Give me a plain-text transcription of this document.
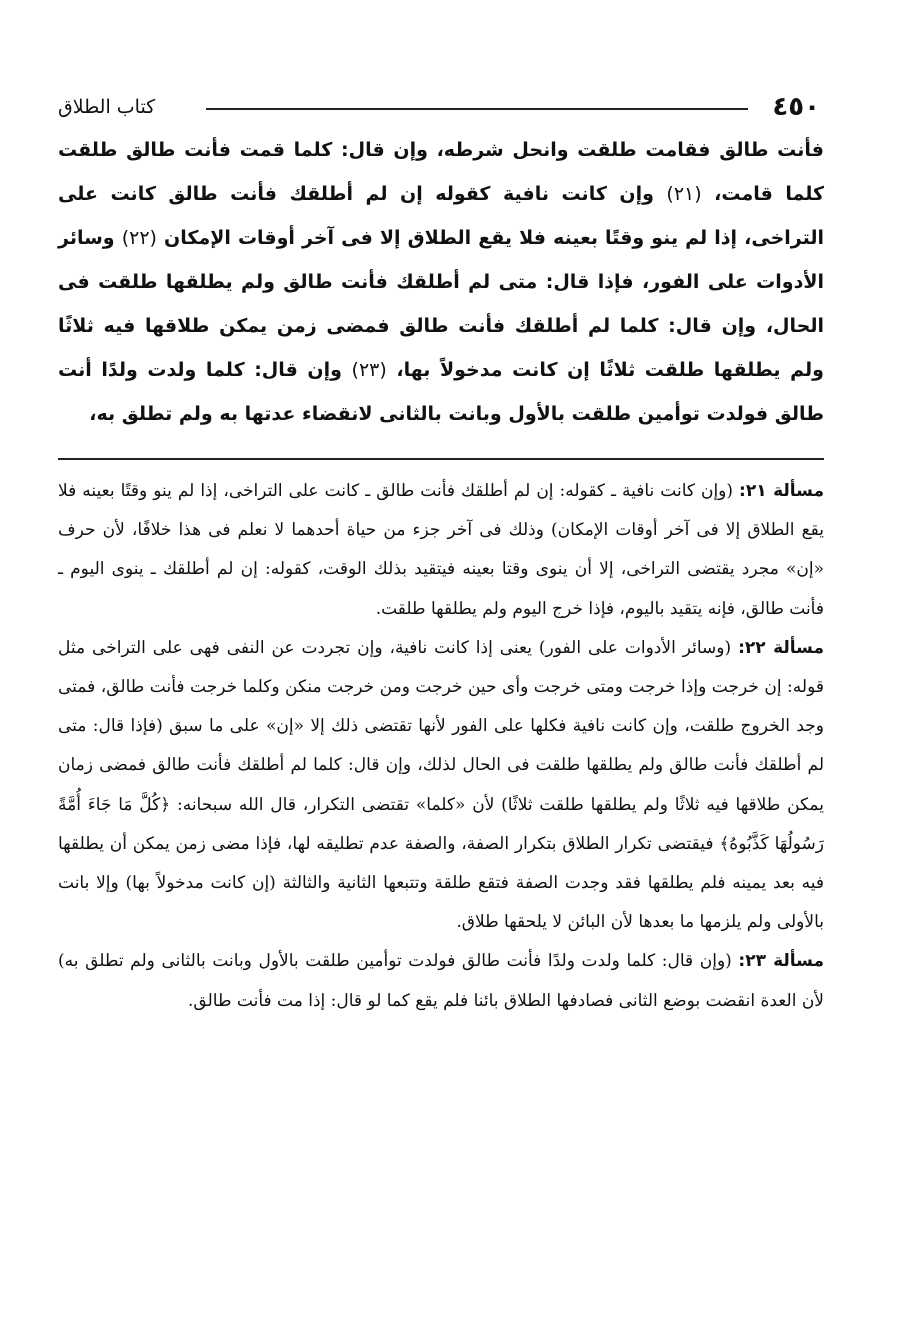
٤٥٠
كتاب الطلاق

فأنت طالق فقامت طلقت وانحل شرطه، وإن قال: كلما قمت فأنت طالق طلقت كلما قامت، (٢١) وإن كانت نافية كقوله إن لم أطلقك فأنت طالق كانت على التراخى، إذا لم ينو وقتًا بعينه فلا يقع الطلاق إلا فى آخر أوقات الإمكان (٢٢) وسائر الأدوات على الفور، فإذا قال: متى لم أطلقك فأنت طالق ولم يطلقها طلقت فى الحال، وإن قال: كلما لم أطلقك فأنت طالق فمضى زمن يمكن طلاقها فيه ثلاثًا ولم يطلقها طلقت ثلاثًا إن كانت مدخولاً بها، (٢٣) وإن قال: كلما ولدت ولدًا أنت طالق فولدت توأمين طلقت بالأول وبانت بالثانى لانقضاء عدتها به ولم تطلق به،

مسألة ٢١: (وإن كانت نافية ـ كقوله: إن لم أطلقك فأنت طالق ـ كانت على التراخى، إذا لم ينو وقتًا بعينه فلا يقع الطلاق إلا فى آخر أوقات الإمكان) وذلك فى آخر جزء من حياة أحدهما لا نعلم فى هذا خلافًا، لأن حرف «إن» مجرد يقتضى التراخى، إلا أن ينوى وقتا بعينه فيتقيد بذلك الوقت، كقوله: إن لم أطلقك ـ ينوى اليوم ـ فأنت طالق، فإنه يتقيد باليوم، فإذا خرج اليوم ولم يطلقها طلقت.

مسألة ٢٢: (وسائر الأدوات على الفور) يعنى إذا كانت نافية، وإن تجردت عن النفى فهى على التراخى مثل قوله: إن خرجت وإذا خرجت ومتى خرجت وأى حين خرجت ومن خرجت منكن وكلما خرجت فأنت طالق، فمتى وجد الخروج طلقت، وإن كانت نافية فكلها على الفور لأنها تقتضى ذلك إلا «إن» على ما سبق (فإذا قال: متى لم أطلقك فأنت طالق ولم يطلقها طلقت فى الحال لذلك، وإن قال: كلما لم أطلقك فأنت طالق فمضى زمان يمكن طلاقها فيه ثلاثًا ولم يطلقها طلقت ثلاثًا) لأن «كلما» تقتضى التكرار، قال الله سبحانه: ﴿كُلَّ مَا جَاءَ أُمَّةً رَسُولُهَا كَذَّبُوهُ﴾ فيقتضى تكرار الطلاق بتكرار الصفة، والصفة عدم تطليقه لها، فإذا مضى زمن يمكن أن يطلقها فيه بعد يمينه فلم يطلقها فقد وجدت الصفة فتقع طلقة وتتبعها الثانية والثالثة (إن كانت مدخولاً بها) وإلا بانت بالأولى ولم يلزمها ما بعدها لأن البائن لا يلحقها طلاق.

مسألة ٢٣: (وإن قال: كلما ولدت ولدًا فأنت طالق فولدت توأمين طلقت بالأول وبانت بالثانى ولم تطلق به) لأن العدة انقضت بوضع الثانى فصادفها الطلاق بائنا فلم يقع كما لو قال: إذا مت فأنت طالق.
